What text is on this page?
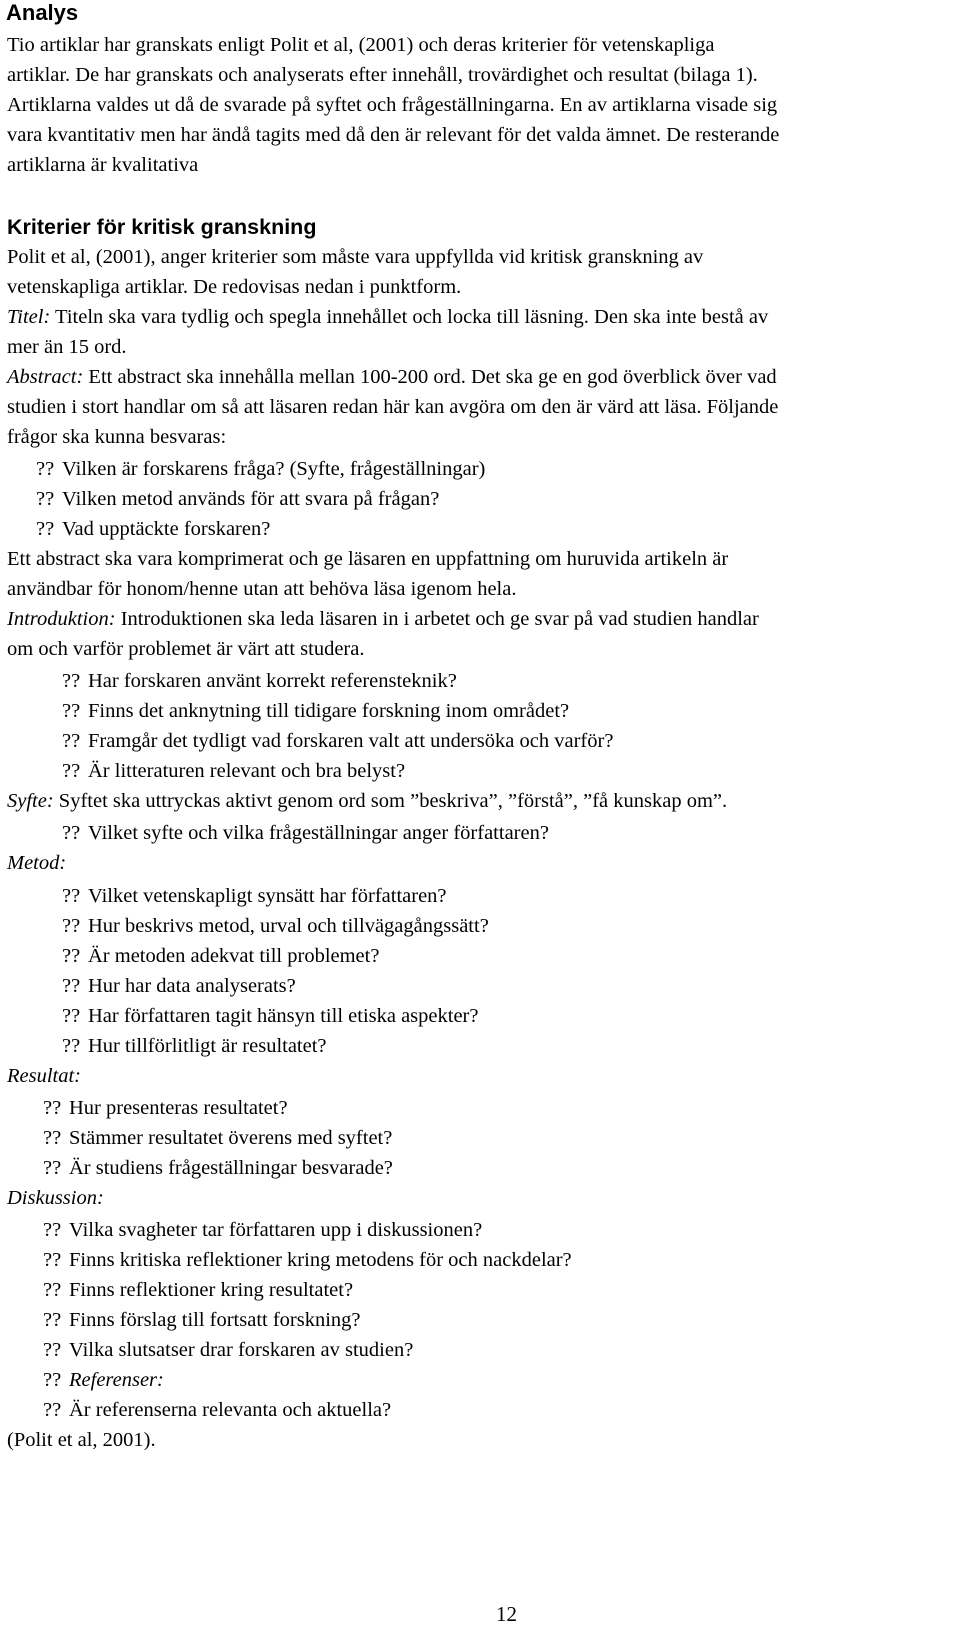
Analys
Tio artiklar har granskats enligt Polit et al, (2001) och deras kriterier för vetenskapliga
artiklar. De har granskats och analyserats efter innehåll, trovärdighet och resultat (bilaga 1).
Artiklarna valdes ut då de svarade på syftet och frågeställningarna. En av artiklarna visade sig
vara kvantitativ men har ändå tagits med då den är relevant för det valda ämnet. De resterande
artiklarna är kvalitativa
Kriterier för kritisk granskning
Polit et al, (2001), anger kriterier som måste vara uppfyllda vid kritisk granskning av
vetenskapliga artiklar. De redovisas nedan i punktform.
Titel: Titeln ska vara tydlig och spegla innehållet och locka till läsning. Den ska inte bestå av
mer än 15 ord.
Abstract: Ett abstract ska innehålla mellan 100-200 ord. Det ska ge en god överblick över vad
studien i stort handlar om så att läsaren redan här kan avgöra om den är värd att läsa. Följande
frågor ska kunna besvaras:
?? Vilken är forskarens fråga? (Syfte, frågeställningar)
?? Vilken metod används för att svara på frågan?
?? Vad upptäckte forskaren?
Ett abstract ska vara komprimerat och ge läsaren en uppfattning om huruvida artikeln är
användbar för honom/henne utan att behöva läsa igenom hela.
Introduktion: Introduktionen ska leda läsaren in i arbetet och ge svar på vad studien handlar
om och varför problemet är värt att studera.
?? Har forskaren använt korrekt referensteknik?
?? Finns det anknytning till tidigare forskning inom området?
?? Framgår det tydligt vad forskaren valt att undersöka och varför?
?? Är litteraturen relevant och bra belyst?
Syfte: Syftet ska uttryckas aktivt genom ord som ”beskriva”, ”förstå”, ”få kunskap om”.
?? Vilket syfte och vilka frågeställningar anger författaren?
Metod:
?? Vilket vetenskapligt synsätt har författaren?
?? Hur beskrivs metod, urval och tillvägagångssätt?
?? Är metoden adekvat till problemet?
?? Hur har data analyserats?
?? Har författaren tagit hänsyn till etiska aspekter?
?? Hur tillförlitligt är resultatet?
Resultat:
?? Hur presenteras resultatet?
?? Stämmer resultatet överens med syftet?
?? Är studiens frågeställningar besvarade?
Diskussion:
?? Vilka svagheter tar författaren upp i diskussionen?
?? Finns kritiska reflektioner kring metodens för och nackdelar?
?? Finns reflektioner kring resultatet?
?? Finns förslag till fortsatt forskning?
?? Vilka slutsatser drar forskaren av studien?
?? Referenser:
?? Är referenserna relevanta och aktuella?
(Polit et al, 2001).
12
